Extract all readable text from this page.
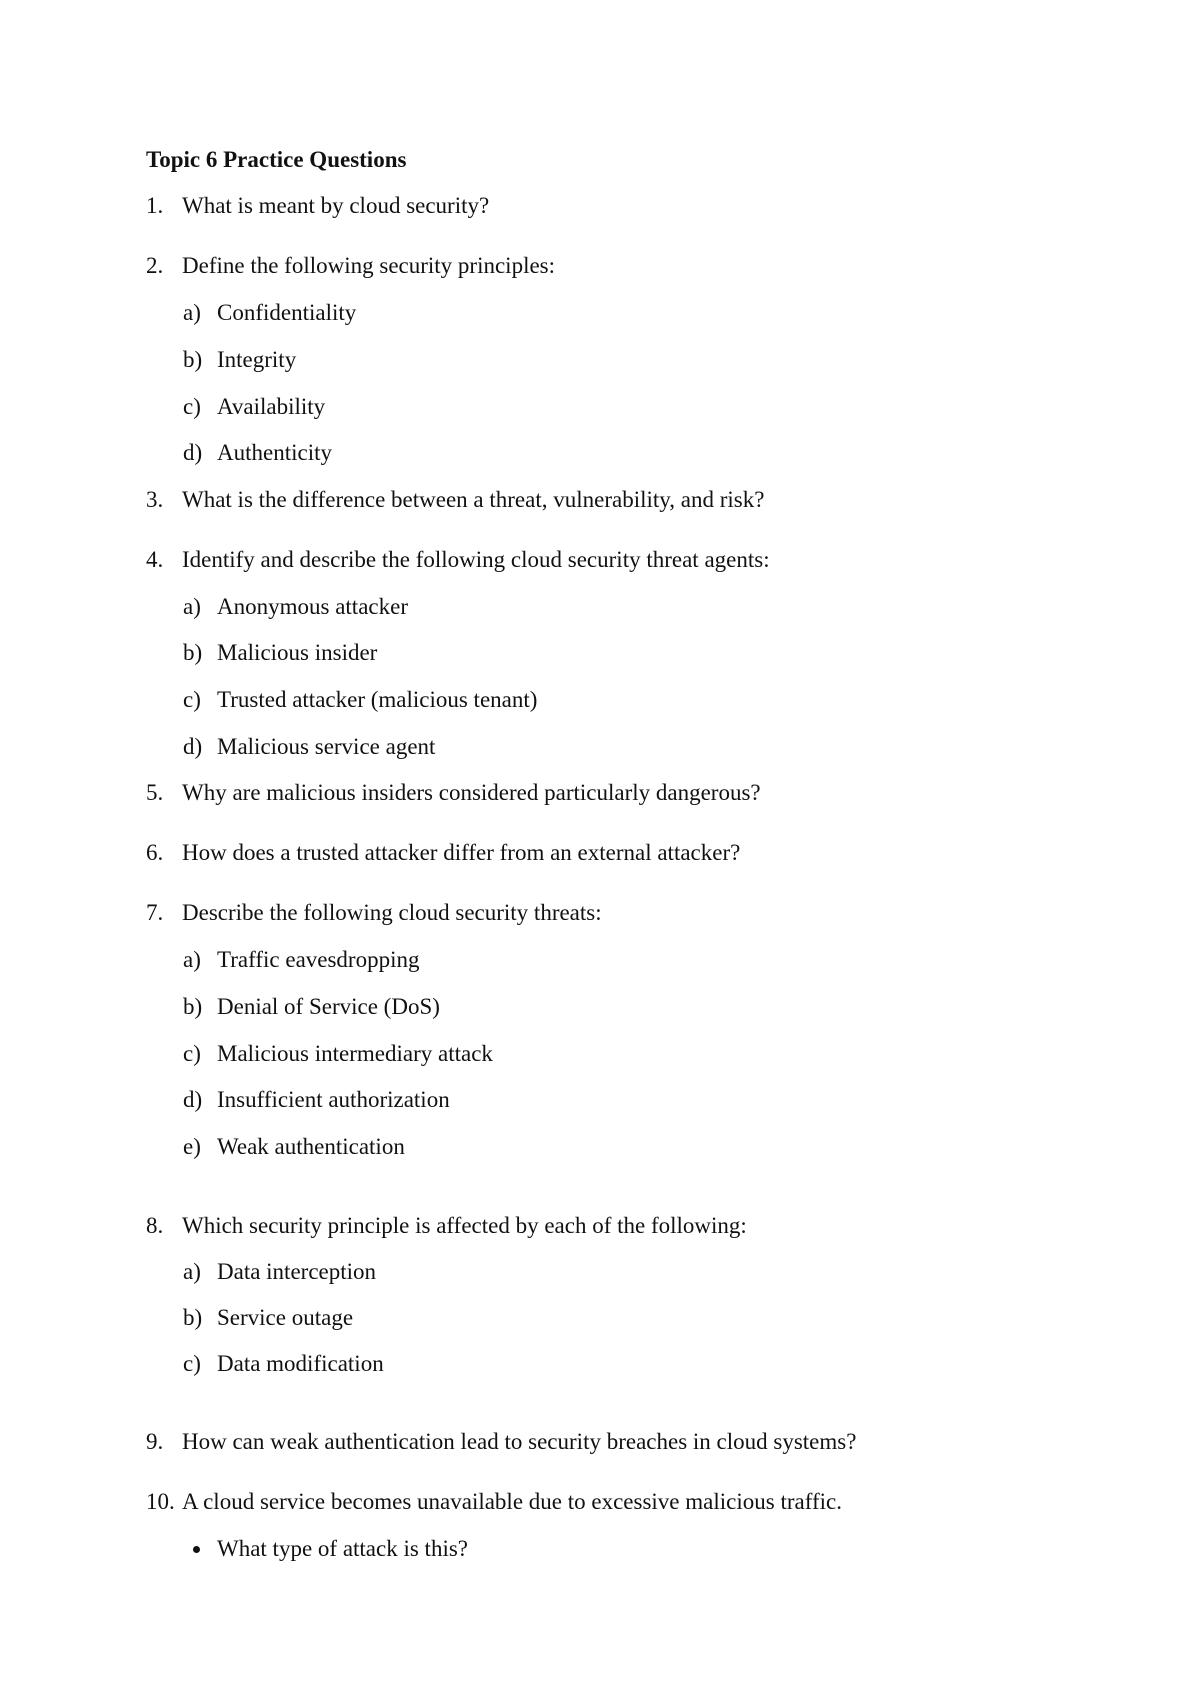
Topic 6 Practice Questions
1. What is meant by cloud security?
2. Define the following security principles:
a) Confidentiality
b) Integrity
c) Availability
d) Authenticity
3. What is the difference between a threat, vulnerability, and risk?
4. Identify and describe the following cloud security threat agents:
a) Anonymous attacker
b) Malicious insider
c) Trusted attacker (malicious tenant)
d) Malicious service agent
5. Why are malicious insiders considered particularly dangerous?
6. How does a trusted attacker differ from an external attacker?
7. Describe the following cloud security threats:
a) Traffic eavesdropping
b) Denial of Service (DoS)
c) Malicious intermediary attack
d) Insufficient authorization
e) Weak authentication
8. Which security principle is affected by each of the following:
a) Data interception
b) Service outage
c) Data modification
9. How can weak authentication lead to security breaches in cloud systems?
10. A cloud service becomes unavailable due to excessive malicious traffic.
What type of attack is this?
